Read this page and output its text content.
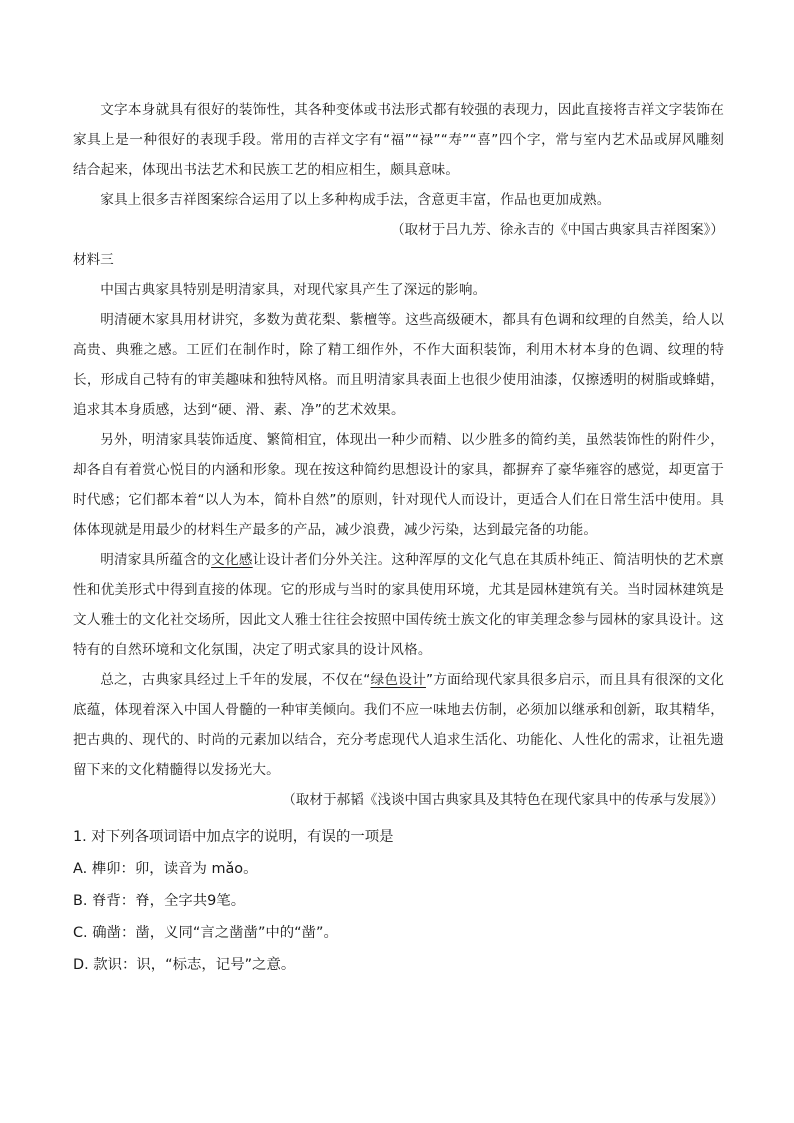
文字本身就具有很好的装饰性，其各种变体或书法形式都有较强的表现力，因此直接将吉祥文字装饰在家具上是一种很好的表现手段。常用的吉祥文字有“福”“禄”“寿”“喜”四个字，常与室内艺术品或屏风雕刻结合起来，体现出书法艺术和民族工艺的相应相生，颇具意味。

家具上很多吉祥图案综合运用了以上多种构成手法，含意更丰富，作品也更加成熟。

（取材于吕九芳、徐永吉的《中国古典家具吉祥图案》）

材料三

中国古典家具特别是明清家具，对现代家具产生了深远的影响。

明清硬木家具用材讲究，多数为黄花梨、紫檀等。这些高级硬木，都具有色调和纹理的自然美，给人以高贵、典雅之感。工匠们在制作时，除了精工细作外，不作大面积装饰，利用木材本身的色调、纹理的特长，形成自己特有的审美趣味和独特风格。而且明清家具表面上也很少使用油漆，仅擦透明的树脂或蜂蜡，追求其本身质感，达到“硬、滑、素、净”的艺术效果。

另外，明清家具装饰适度、繁简相宜，体现出一种少而精、以少胜多的简约美，虽然装饰性的附件少，却各自有着赏心悦目的内涵和形象。现在按这种简约思想设计的家具，都摒弃了豪华雍容的感觉，却更富于时代感；它们都本着“以人为本，简朴自然”的原则，针对现代人而设计，更适合人们在日常生活中使用。具体体现就是用最少的材料生产最多的产品，减少浪费，减少污染，达到最完备的功能。

明清家具所蕴含的文化感让设计者们分外关注。这种浑厚的文化气息在其质朴纯正、简洁明快的艺术禀性和优美形式中得到直接的体现。它的形成与当时的家具使用环境，尤其是园林建筑有关。当时园林建筑是文人雅士的文化社交场所，因此文人雅士往往会按照中国传统士族文化的审美理念参与园林的家具设计。这特有的自然环境和文化氛围，决定了明式家具的设计风格。

总之，古典家具经过上千年的发展，不仅在“绿色设计”方面给现代家具很多启示，而且具有很深的文化底蕴，体现着深入中国人骨髓的一种审美倾向。我们不应一味地去仿制，必须加以继承和创新，取其精华，把古典的、现代的、时尚的元素加以结合，充分考虑现代人追求生活化、功能化、人性化的需求，让祖先遗留下来的文化精髓得以发扬光大。

（取材于郝韬《浅谈中国古典家具及其特色在现代家具中的传承与发展》）

1. 对下列各项词语中加点字的说明，有误的一项是

A. 榫卯：卯，读音为 mǎo。

B. 脊背：脊，全字共9笔。

C. 确凿：凿，义同“言之凿凿”中的“凿”。

D. 款识：识，“标志，记号”之意。
